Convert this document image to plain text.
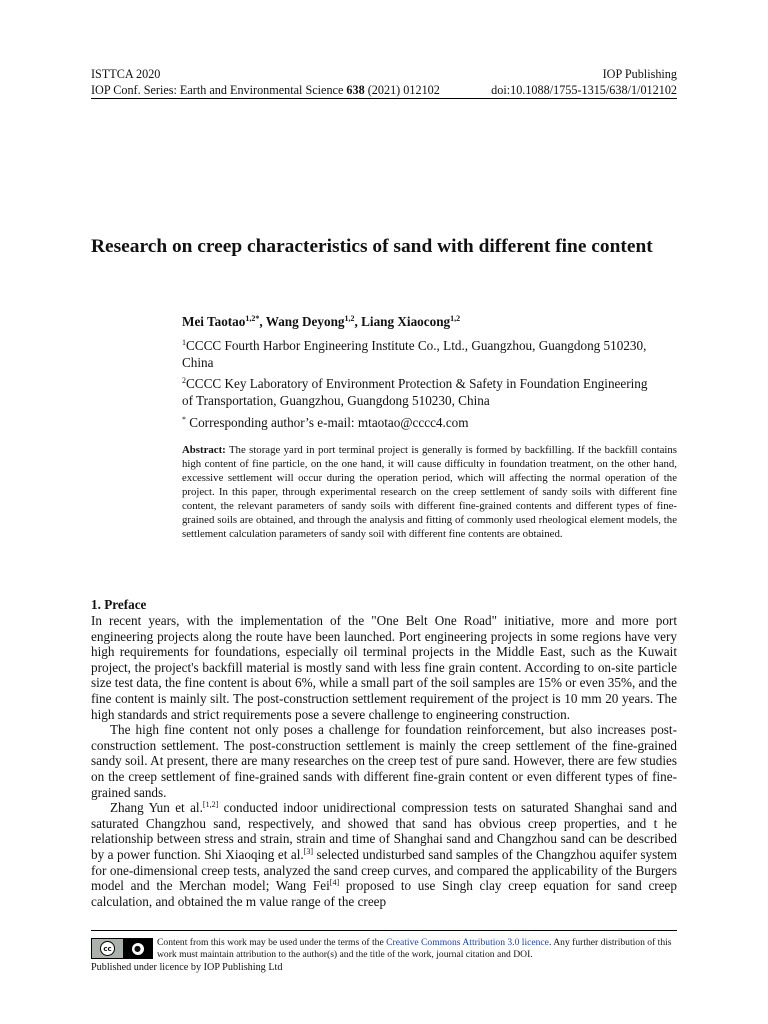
ISTTCA 2020	IOP Publishing
IOP Conf. Series: Earth and Environmental Science 638 (2021) 012102	doi:10.1088/1755-1315/638/1/012102
Research on creep characteristics of sand with different fine content
Mei Taotao$^{1,2*}$, Wang Deyong$^{1,2}$, Liang Xiaocong$^{1,2}$
$^1$CCCC Fourth Harbor Engineering Institute Co., Ltd., Guangzhou, Guangdong 510230, China
$^2$CCCC Key Laboratory of Environment Protection & Safety in Foundation Engineering of Transportation, Guangzhou, Guangdong 510230, China
* Corresponding author’s e-mail: mtaotao@cccc4.com
Abstract: The storage yard in port terminal project is generally is formed by backfilling. If the backfill contains high content of fine particle, on the one hand, it will cause difficulty in foundation treatment, on the other hand, excessive settlement will occur during the operation period, which will affecting the normal operation of the project. In this paper, through experimental research on the creep settlement of sandy soils with different fine content, the relevant parameters of sandy soils with different fine-grained contents and different types of fine-grained soils are obtained, and through the analysis and fitting of commonly used rheological element models, the settlement calculation parameters of sandy soil with different fine contents are obtained.
1. Preface

In recent years, with the implementation of the "One Belt One Road" initiative, more and more port engineering projects along the route have been launched. Port engineering projects in some regions have very high requirements for foundations, especially oil terminal projects in the Middle East, such as the Kuwait project, the project's backfill material is mostly sand with less fine grain content. According to on-site particle size test data, the fine content is about 6%, while a small part of the soil samples are 15% or even 35%, and the fine content is mainly silt. The post-construction settlement requirement of the project is 10 mm 20 years. The high standards and strict requirements pose a severe challenge to engineering construction.

The high fine content not only poses a challenge for foundation reinforcement, but also increases post-construction settlement. The post-construction settlement is mainly the creep settlement of the fine-grained sandy soil. At present, there are many researches on the creep test of pure sand. However, there are few studies on the creep settlement of fine-grained sands with different fine-grain content or even different types of fine-grained sands.

Zhang Yun et al.[1,2] conducted indoor unidirectional compression tests on saturated Shanghai sand and saturated Changzhou sand, respectively, and showed that sand has obvious creep properties, and t he relationship between stress and strain, strain and time of Shanghai sand and Changzhou sand can be described by a power function. Shi Xiaoqing et al.[3] selected undisturbed sand samples of the Changzhou aquifer system for one-dimensional creep tests, analyzed the sand creep curves, and compared the applicability of the Burgers model and the Merchan model; Wang Fei[4] proposed to use Singh clay creep equation for sand creep calculation, and obtained the m value range of the creep

cc	●
Content from this work may be used under the terms of the Creative Commons Attribution 3.0 licence. Any further distribution of this work must maintain attribution to the author(s) and the title of the work, journal citation and DOI.
Published under licence by IOP Publishing Ltd
